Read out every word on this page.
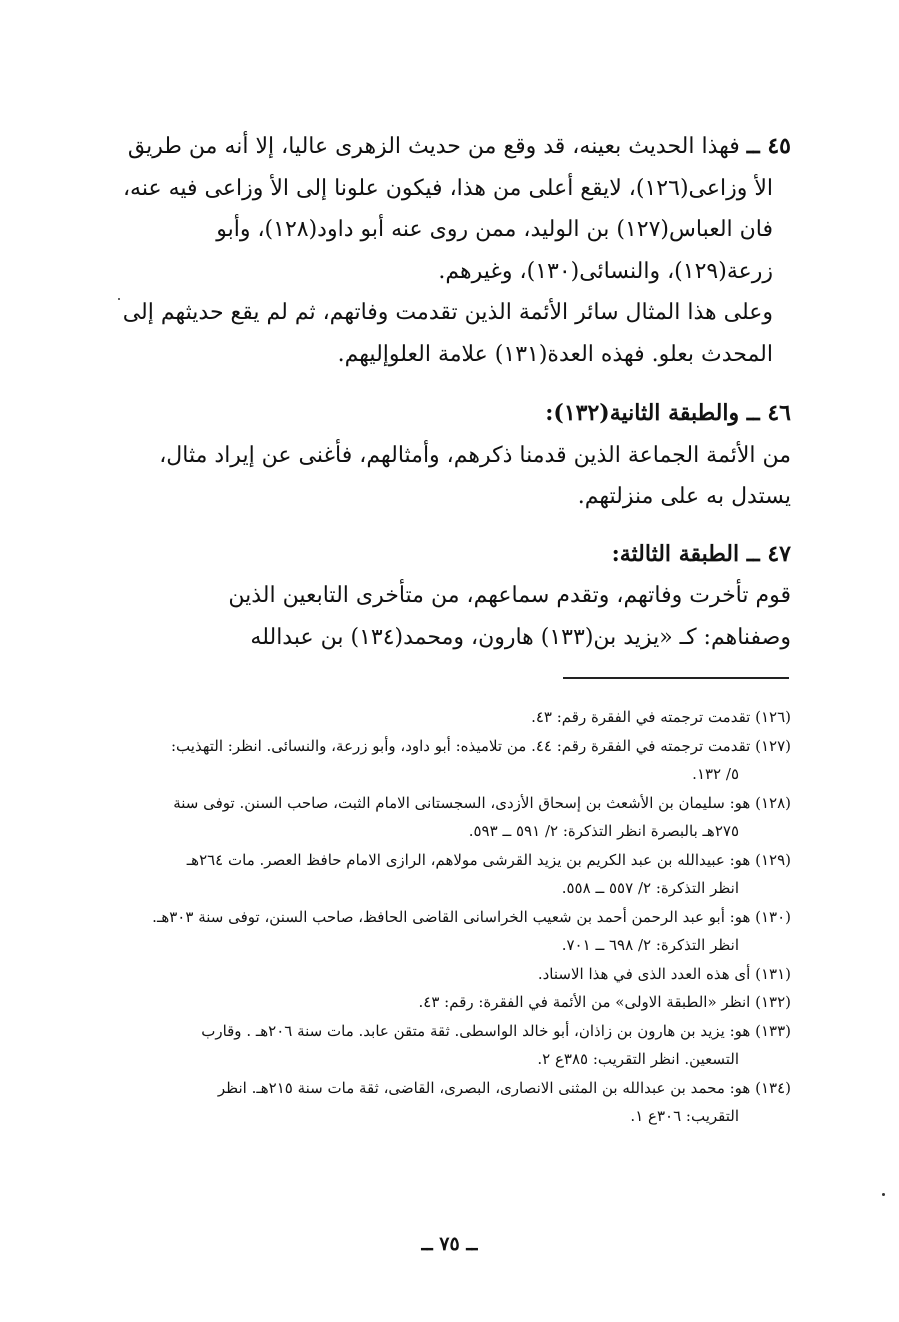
٤٥ ــ فهذا الحديث بعينه، قد وقع من حديث الزهرى عاليا، إلا أنه من طريق
الأ وزاعى(١٢٦)، لايقع أعلى من هذا، فيكون علونا إلى الأ وزاعى فيه عنه،
فان العباس(١٢٧) بن الوليد، ممن روى عنه أبو داود(١٢٨)، وأبو
زرعة(١٢٩)، والنسائى(١٣٠)، وغيرهم.
وعلى هذا المثال سائر الأئمة الذين تقدمت وفاتهم، ثم لم يقع حديثهم إلى
المحدث بعلو. فهذه العدة(١٣١) علامة العلوإليهم.
٤٦ ــ والطبقة الثانية(١٣٢):
من الأئمة الجماعة الذين قدمنا ذكرهم، وأمثالهم، فأغنى عن إيراد مثال،
يستدل به على منزلتهم.
٤٧ ــ الطبقة الثالثة:
قوم تأخرت وفاتهم، وتقدم سماعهم، من متأخرى التابعين الذين
وصفناهم: كـ «يزيد بن(١٣٣) هارون، ومحمد(١٣٤) بن عبدالله
(١٢٦) تقدمت ترجمته في الفقرة رقم: ٤٣.
(١٢٧) تقدمت ترجمته في الفقرة رقم: ٤٤. من تلاميذه: أبو داود، وأبو زرعة، والنسائى. انظر: التهذيب:
٥/ ١٣٢.
(١٢٨) هو: سليمان بن الأشعث بن إسحاق الأزدى، السجستانى الامام الثبت، صاحب السنن. توفى سنة
٢٧٥هـ بالبصرة انظر التذكرة: ٢/ ٥٩١ ــ ٥٩٣.
(١٢٩) هو: عبيدالله بن عبد الكريم بن يزيد القرشى مولاهم، الرازى الامام حافظ العصر. مات ٢٦٤هـ
انظر التذكرة: ٢/ ٥٥٧ ــ ٥٥٨.
(١٣٠) هو: أبو عبد الرحمن أحمد بن شعيب الخراسانى القاضى الحافظ، صاحب السنن، توفى سنة ٣٠٣هـ.
انظر التذكرة: ٢/ ٦٩٨ ــ ٧٠١.
(١٣١) أى هذه العدد الذى في هذا الاسناد.
(١٣٢) انظر «الطبقة الاولى» من الأئمة في الفقرة: رقم: ٤٣.
(١٣٣) هو: يزيد بن هارون بن زاذان، أبو خالد الواسطى. ثقة متقن عابد. مات سنة ٢٠٦هـ . وقارب
التسعين. انظر التقريب: ٣٨٥ع ٢.
(١٣٤) هو: محمد بن عبدالله بن المثنى الانصارى، البصرى، القاضى، ثقة مات سنة ٢١٥هـ. انظر
التقريب: ٣٠٦ع ١.
ــ ٧٥ ــ
